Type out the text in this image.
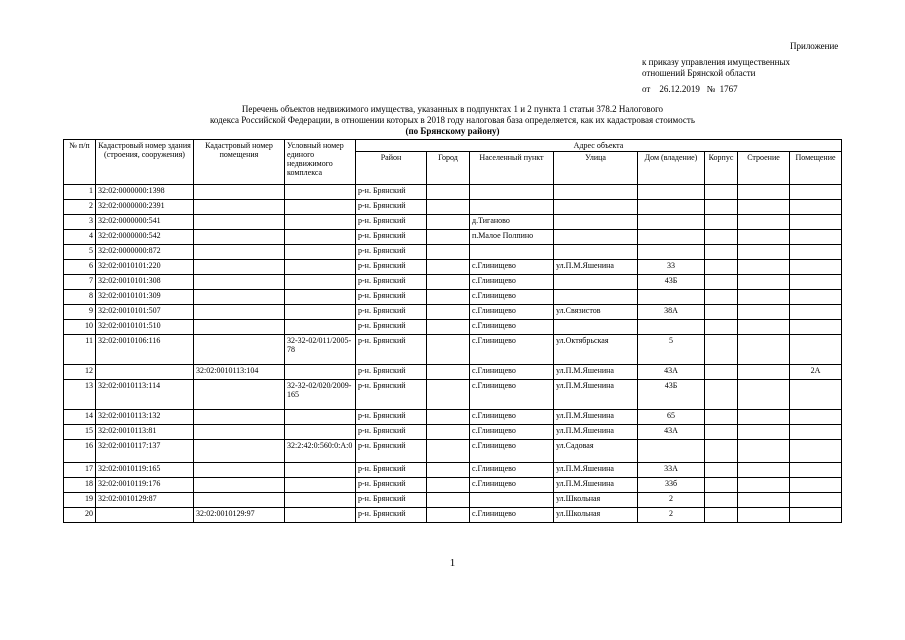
Приложение
к приказу управления имущественных
отношений Брянской области
от 26.12.2019 № 1767
Перечень объектов недвижимого имущества, указанных в подпунктах 1 и 2 пункта 1 статьи 378.2 Налогового
кодекса Российской Федерации, в отношении которых в 2018 году налоговая база определяется, как их кадастровая стоимость
(по Брянскому району)
№ п/п	Кадастровый номер здания (строения, сооружения)	Кадастровый номер помещения	Условный номер единого недвижимого комплекса	Адрес объекта							
				Район	Город	Населенный пункт	Улица	Дом (владение)	Корпус	Строение	Помещение
1	32:02:0000000:1398			р-н. Брянский							
2	32:02:0000000:2391			р-н. Брянский							
3	32:02:0000000:541			р-н. Брянский		д.Тиганово					
4	32:02:0000000:542			р-н. Брянский		п.Малое Полпино					
5	32:02:0000000:872			р-н. Брянский							
6	32:02:0010101:220			р-н. Брянский		с.Глинищево	ул.П.М.Яшенина	33			
7	32:02:0010101:308			р-н. Брянский		с.Глинищево		43Б			
8	32:02:0010101:309			р-н. Брянский		с.Глинищево					
9	32:02:0010101:507			р-н. Брянский		с.Глинищево	ул.Связистов	38А			
10	32:02:0010101:510			р-н. Брянский		с.Глинищево					
11	32:02:0010106:116		32-32-02/011/2005-78	р-н. Брянский		с.Глинищево	ул.Октябрьская	5			
12		32:02:0010113:104		р-н. Брянский		с.Глинищево	ул.П.М.Яшенина	43А			2А
13	32:02:0010113:114		32-32-02/020/2009-165	р-н. Брянский		с.Глинищево	ул.П.М.Яшенина	43Б			
14	32:02:0010113:132			р-н. Брянский		с.Глинищево	ул.П.М.Яшенина	65			
15	32:02:0010113:81			р-н. Брянский		с.Глинищево	ул.П.М.Яшенина	43А			
16	32:02:0010117:137		32:2:42:0:560:0:А:0	р-н. Брянский		с.Глинищево	ул.Садовая				
17	32:02:0010119:165			р-н. Брянский		с.Глинищево	ул.П.М.Яшенина	33А			
18	32:02:0010119:176			р-н. Брянский		с.Глинищево	ул.П.М.Яшенина	33б			
19	32:02:0010129:87			р-н. Брянский			ул.Школьная	2			
20		32:02:0010129:97		р-н. Брянский		с.Глинищево	ул.Школьная	2			
1
